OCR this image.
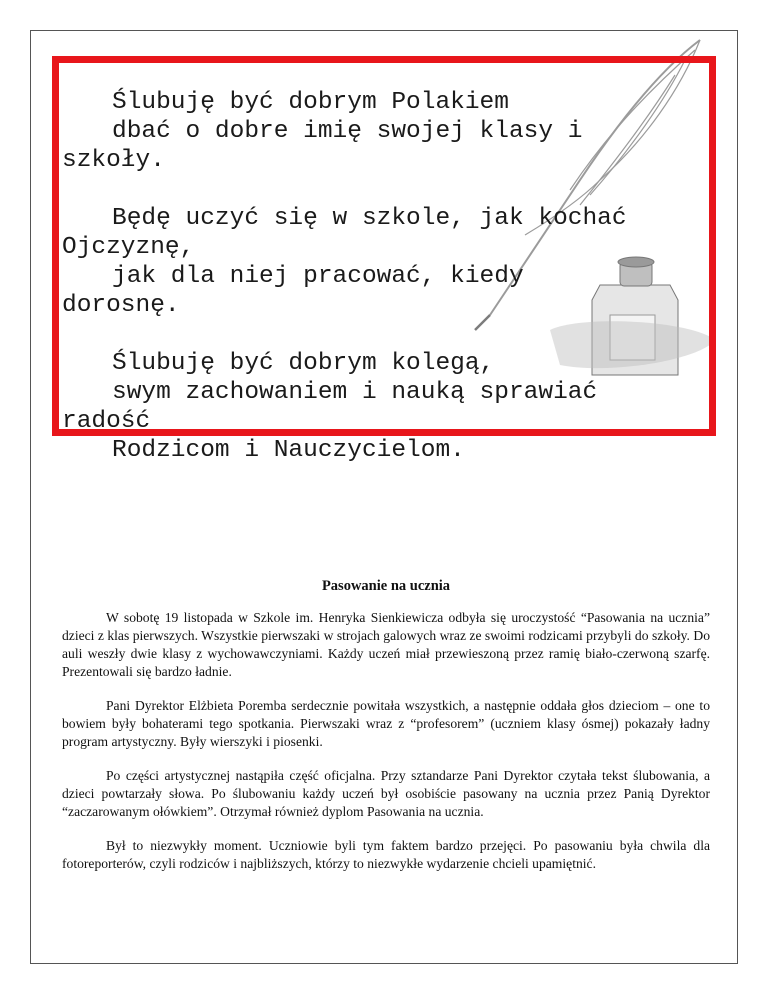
Ślubuję być dobrym Polakiem
dbać o dobre imię swojej klasy i
szkoły.
Będę uczyć się w szkole, jak kochać
Ojczyznę,
jak dla niej pracować, kiedy
dorosnę.
Ślubuję być dobrym kolegą,
swym zachowaniem i nauką sprawiać
radość
Rodzicom i Nauczycielom.
Pasowanie na ucznia

W sobotę 19 listopada w Szkole im. Henryka Sienkiewicza odbyła się uroczystość “Pasowania na ucznia” dzieci z klas pierwszych. Wszystkie pierwszaki w strojach galowych wraz ze swoimi rodzicami przybyli do szkoły. Do auli weszły dwie klasy z wychowawczyniami. Każdy uczeń miał przewieszoną przez ramię biało-czerwoną szarfę. Prezentowali się bardzo ładnie.

Pani Dyrektor Elżbieta Poremba serdecznie powitała wszystkich, a następnie oddała głos dzieciom – one to bowiem były bohaterami tego spotkania. Pierwszaki wraz z “profesorem” (uczniem klasy ósmej) pokazały ładny program artystyczny. Były wierszyki i piosenki.

Po części artystycznej nastąpiła część oficjalna. Przy sztandarze Pani Dyrektor czytała tekst ślubowania, a dzieci powtarzały słowa. Po ślubowaniu każdy uczeń był osobiście pasowany na ucznia przez Panią Dyrektor “zaczarowanym ołówkiem”. Otrzymał również dyplom Pasowania na ucznia.

Był to niezwykły moment. Uczniowie byli tym faktem bardzo przejęci. Po pasowaniu była chwila dla fotoreporterów, czyli rodziców i najbliższych, którzy to niezwykłe wydarzenie chcieli upamiętnić.
